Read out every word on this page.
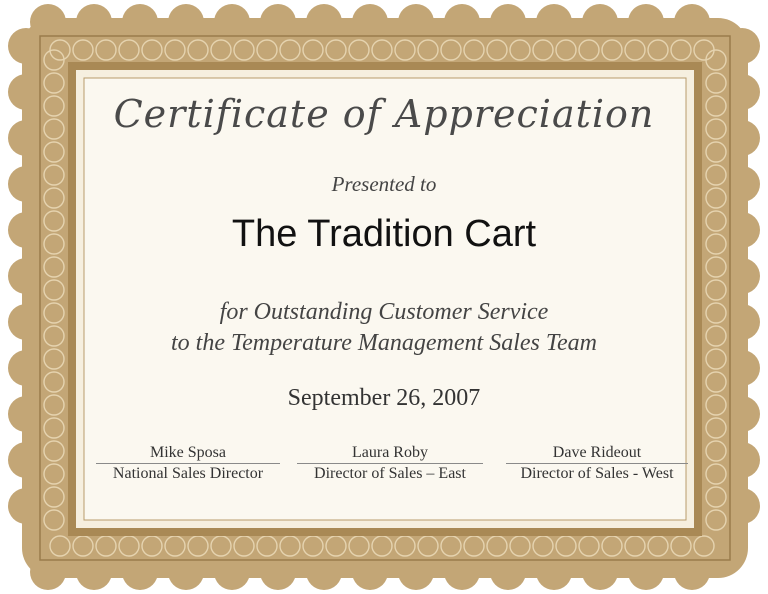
Certificate of Appreciation
Presented to
The Tradition Cart
for Outstanding Customer Service
to the Temperature Management Sales Team
September 26, 2007
Mike Sposa
National Sales Director
Laura Roby
Director of Sales – East
Dave Rideout
Director of Sales - West
